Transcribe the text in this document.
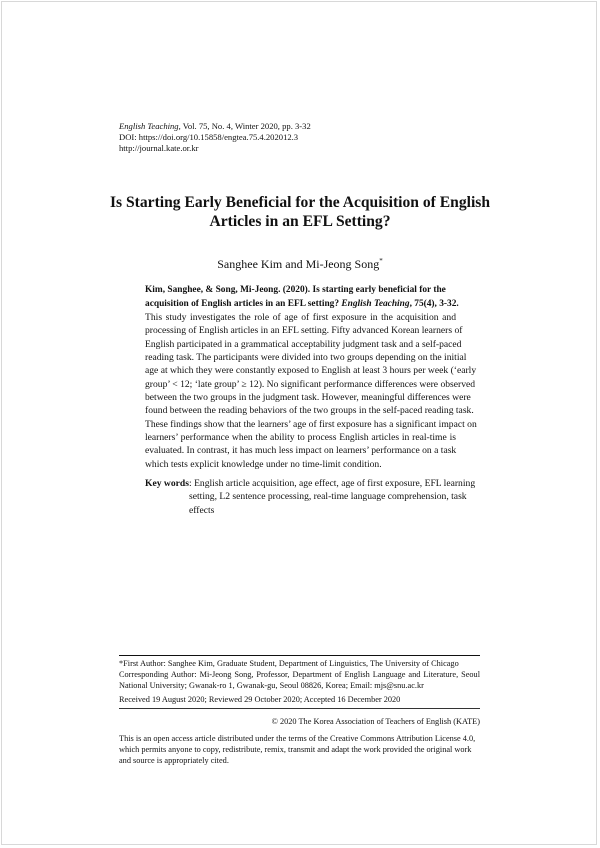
English Teaching, Vol. 75, No. 4, Winter 2020, pp. 3-32
DOI: https://doi.org/10.15858/engtea.75.4.202012.3
http://journal.kate.or.kr
Is Starting Early Beneficial for the Acquisition of English
Articles in an EFL Setting?
Sanghee Kim and Mi-Jeong Song*
Kim, Sanghee, & Song, Mi-Jeong. (2020). Is starting early beneficial for the
acquisition of English articles in an EFL setting? English Teaching, 75(4), 3-32.
This study investigates the role of age of first exposure in the acquisition and
processing of English articles in an EFL setting. Fifty advanced Korean learners of
English participated in a grammatical acceptability judgment task and a self-paced
reading task. The participants were divided into two groups depending on the initial
age at which they were constantly exposed to English at least 3 hours per week (‘early
group’ < 12; ‘late group’ ≥ 12). No significant performance differences were observed
between the two groups in the judgment task. However, meaningful differences were
found between the reading behaviors of the two groups in the self-paced reading task.
These findings show that the learners’ age of first exposure has a significant impact on
learners’ performance when the ability to process English articles in real-time is
evaluated. In contrast, it has much less impact on learners’ performance on a task
which tests explicit knowledge under no time-limit condition.
Key words : English article acquisition, age effect, age of first exposure, EFL learning
setting, L2 sentence processing, real-time language comprehension, task
effects
*First Author: Sanghee Kim, Graduate Student, Department of Linguistics, The University of Chicago
Corresponding Author: Mi-Jeong Song, Professor, Department of English Language and Literature, Seoul
National University; Gwanak-ro 1, Gwanak-gu, Seoul 08826, Korea; Email: mjs@snu.ac.kr
Received 19 August 2020; Reviewed 29 October 2020; Accepted 16 December 2020
© 2020 The Korea Association of Teachers of English (KATE)
This is an open access article distributed under the terms of the Creative Commons Attribution License 4.0,
which permits anyone to copy, redistribute, remix, transmit and adapt the work provided the original work
and source is appropriately cited.
